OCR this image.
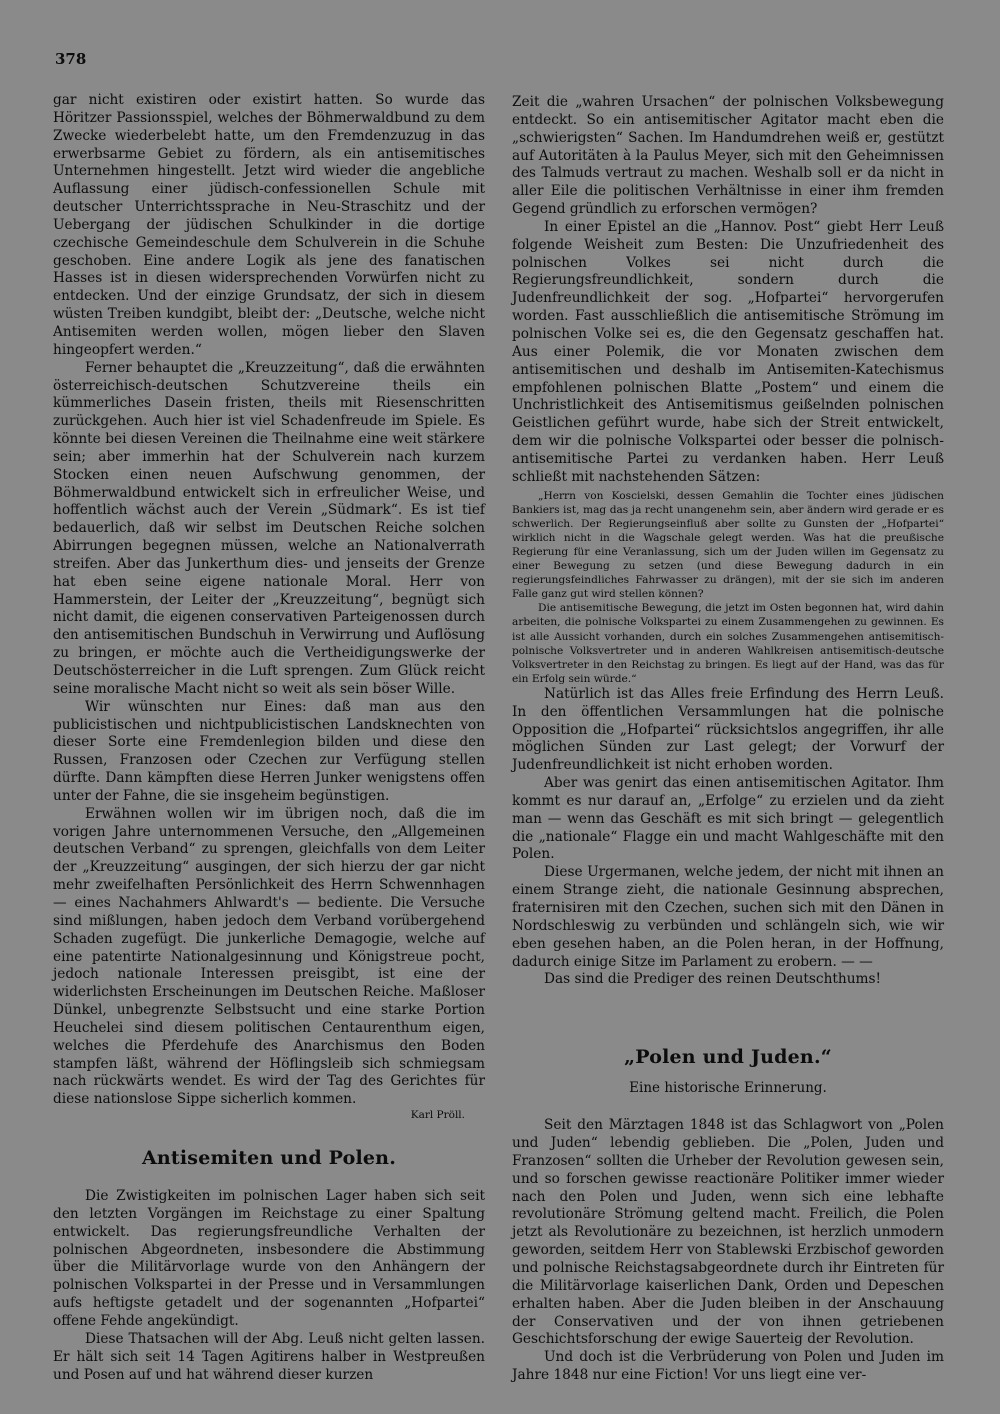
378

gar nicht existiren oder existirt hatten. So wurde das Höritzer Passionsspiel, welches der Böhmerwaldbund zu dem Zwecke wiederbelebt hatte, um den Fremdenzuzug in das erwerbsarme Gebiet zu fördern, als ein antisemitisches Unternehmen hingestellt. Jetzt wird wieder die angebliche Auflassung einer jüdisch-confessionellen Schule mit deutscher Unterrichtssprache in Neu-Straschitz und der Uebergang der jüdischen Schulkinder in die dortige czechische Gemeindeschule dem Schulverein in die Schuhe geschoben. Eine andere Logik als jene des fanatischen Hasses ist in diesen widersprechenden Vorwürfen nicht zu entdecken. Und der einzige Grundsatz, der sich in diesem wüsten Treiben kundgibt, bleibt der: „Deutsche, welche nicht Antisemiten werden wollen, mögen lieber den Slaven hingeopfert werden.“

Ferner behauptet die „Kreuzzeitung“, daß die erwähnten österreichisch-deutschen Schutzvereine theils ein kümmerliches Dasein fristen, theils mit Riesenschritten zurückgehen. Auch hier ist viel Schadenfreude im Spiele. Es könnte bei diesen Vereinen die Theilnahme eine weit stärkere sein; aber immerhin hat der Schulverein nach kurzem Stocken einen neuen Aufschwung genommen, der Böhmerwaldbund entwickelt sich in erfreulicher Weise, und hoffentlich wächst auch der Verein „Südmark“. Es ist tief bedauerlich, daß wir selbst im Deutschen Reiche solchen Abirrungen begegnen müssen, welche an Nationalverrath streifen. Aber das Junkerthum dies- und jenseits der Grenze hat eben seine eigene nationale Moral. Herr von Hammerstein, der Leiter der „Kreuzzeitung“, begnügt sich nicht damit, die eigenen conservativen Parteigenossen durch den antisemitischen Bundschuh in Verwirrung und Auflösung zu bringen, er möchte auch die Vertheidigungswerke der Deutschösterreicher in die Luft sprengen. Zum Glück reicht seine moralische Macht nicht so weit als sein böser Wille.

Wir wünschten nur Eines: daß man aus den publicistischen und nichtpublicistischen Landsknechten von dieser Sorte eine Fremdenlegion bilden und diese den Russen, Franzosen oder Czechen zur Verfügung stellen dürfte. Dann kämpften diese Herren Junker wenigstens offen unter der Fahne, die sie insgeheim begünstigen.

Erwähnen wollen wir im übrigen noch, daß die im vorigen Jahre unternommenen Versuche, den „Allgemeinen deutschen Verband“ zu sprengen, gleichfalls von dem Leiter der „Kreuzzeitung“ ausgingen, der sich hierzu der gar nicht mehr zweifelhaften Persönlichkeit des Herrn Schwennhagen — eines Nachahmers Ahlwardt's — bediente. Die Versuche sind mißlungen, haben jedoch dem Verband vorübergehend Schaden zugefügt. Die junkerliche Demagogie, welche auf eine patentirte Nationalgesinnung und Königstreue pocht, jedoch nationale Interessen preisgibt, ist eine der widerlichsten Erscheinungen im Deutschen Reiche. Maßloser Dünkel, unbegrenzte Selbstsucht und eine starke Portion Heuchelei sind diesem politischen Centaurenthum eigen, welches die Pferdehufe des Anarchismus den Boden stampfen läßt, während der Höflingsleib sich schmiegsam nach rückwärts wendet. Es wird der Tag des Gerichtes für diese nationslose Sippe sicherlich kommen.

Karl Pröll.

Antisemiten und Polen.

Die Zwistigkeiten im polnischen Lager haben sich seit den letzten Vorgängen im Reichstage zu einer Spaltung entwickelt. Das regierungsfreundliche Verhalten der polnischen Abgeordneten, insbesondere die Abstimmung über die Militärvorlage wurde von den Anhängern der polnischen Volkspartei in der Presse und in Versammlungen aufs heftigste getadelt und der sogenannten „Hofpartei“ offene Fehde angekündigt.

Diese Thatsachen will der Abg. Leuß nicht gelten lassen. Er hält sich seit 14 Tagen Agitirens halber in Westpreußen und Posen auf und hat während dieser kurzen

Zeit die „wahren Ursachen“ der polnischen Volksbewegung entdeckt. So ein antisemitischer Agitator macht eben die „schwierigsten“ Sachen. Im Handumdrehen weiß er, gestützt auf Autoritäten à la Paulus Meyer, sich mit den Geheimnissen des Talmuds vertraut zu machen. Weshalb soll er da nicht in aller Eile die politischen Verhältnisse in einer ihm fremden Gegend gründlich zu erforschen vermögen?

In einer Epistel an die „Hannov. Post“ giebt Herr Leuß folgende Weisheit zum Besten: Die Unzufriedenheit des polnischen Volkes sei nicht durch die Regierungsfreundlichkeit, sondern durch die Judenfreundlichkeit der sog. „Hofpartei“ hervorgerufen worden. Fast ausschließlich die antisemitische Strömung im polnischen Volke sei es, die den Gegensatz geschaffen hat. Aus einer Polemik, die vor Monaten zwischen dem antisemitischen und deshalb im Antisemiten-Katechismus empfohlenen polnischen Blatte „Postem“ und einem die Unchristlichkeit des Antisemitismus geißelnden polnischen Geistlichen geführt wurde, habe sich der Streit entwickelt, dem wir die polnische Volkspartei oder besser die polnisch-antisemitische Partei zu verdanken haben. Herr Leuß schließt mit nachstehenden Sätzen:

„Herrn von Koscielski, dessen Gemahlin die Tochter eines jüdischen Bankiers ist, mag das ja recht unangenehm sein, aber ändern wird gerade er es schwerlich. Der Regierungseinfluß aber sollte zu Gunsten der „Hofpartei“ wirklich nicht in die Wagschale gelegt werden. Was hat die preußische Regierung für eine Veranlassung, sich um der Juden willen im Gegensatz zu einer Bewegung zu setzen (und diese Bewegung dadurch in ein regierungsfeindliches Fahrwasser zu drängen), mit der sie sich im anderen Falle ganz gut wird stellen können?

Die antisemitische Bewegung, die jetzt im Osten begonnen hat, wird dahin arbeiten, die polnische Volkspartei zu einem Zusammengehen zu gewinnen. Es ist alle Aussicht vorhanden, durch ein solches Zusammengehen antisemitisch-polnische Volksvertreter und in anderen Wahlkreisen antisemitisch-deutsche Volksvertreter in den Reichstag zu bringen. Es liegt auf der Hand, was das für ein Erfolg sein würde.“

Natürlich ist das Alles freie Erfindung des Herrn Leuß. In den öffentlichen Versammlungen hat die polnische Opposition die „Hofpartei“ rücksichtslos angegriffen, ihr alle möglichen Sünden zur Last gelegt; der Vorwurf der Judenfreundlichkeit ist nicht erhoben worden.

Aber was genirt das einen antisemitischen Agitator. Ihm kommt es nur darauf an, „Erfolge“ zu erzielen und da zieht man — wenn das Geschäft es mit sich bringt — gelegentlich die „nationale“ Flagge ein und macht Wahlgeschäfte mit den Polen.

Diese Urgermanen, welche jedem, der nicht mit ihnen an einem Strange zieht, die nationale Gesinnung absprechen, fraternisiren mit den Czechen, suchen sich mit den Dänen in Nordschleswig zu verbünden und schlängeln sich, wie wir eben gesehen haben, an die Polen heran, in der Hoffnung, dadurch einige Sitze im Parlament zu erobern. — —

Das sind die Prediger des reinen Deutschthums!

„Polen und Juden.“
Eine historische Erinnerung.

Seit den Märztagen 1848 ist das Schlagwort von „Polen und Juden“ lebendig geblieben. Die „Polen, Juden und Franzosen“ sollten die Urheber der Revolution gewesen sein, und so forschen gewisse reactionäre Politiker immer wieder nach den Polen und Juden, wenn sich eine lebhafte revolutionäre Strömung geltend macht. Freilich, die Polen jetzt als Revolutionäre zu bezeichnen, ist herzlich unmodern geworden, seitdem Herr von Stablewski Erzbischof geworden und polnische Reichstagsabgeordnete durch ihr Eintreten für die Militärvorlage kaiserlichen Dank, Orden und Depeschen erhalten haben. Aber die Juden bleiben in der Anschauung der Conservativen und der von ihnen getriebenen Geschichtsforschung der ewige Sauerteig der Revolution.

Und doch ist die Verbrüderung von Polen und Juden im Jahre 1848 nur eine Fiction! Vor uns liegt eine ver-
